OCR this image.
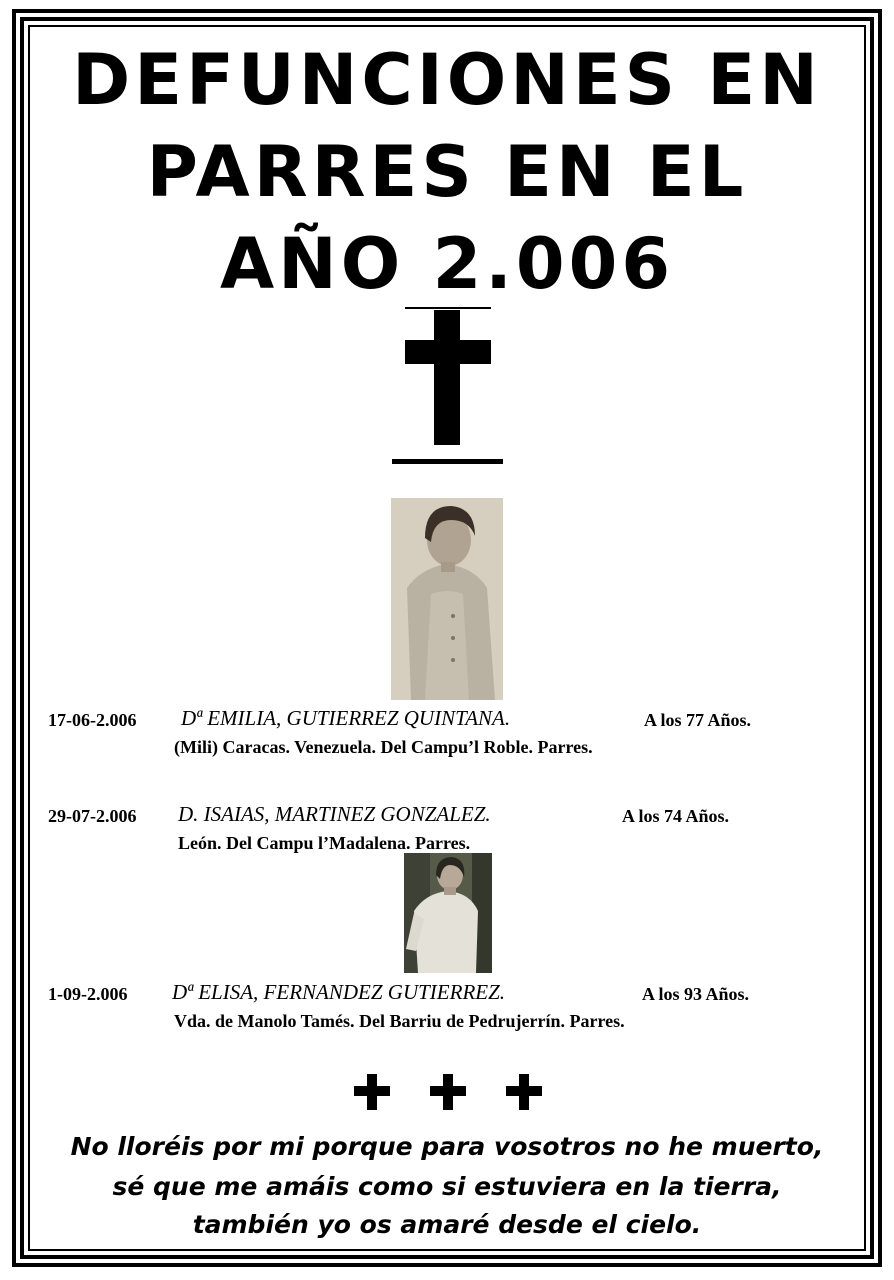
DEFUNCIONES EN
PARRES EN EL
AÑO 2.006
17-06-2.006 Dª EMILIA, GUTIERREZ QUINTANA.	A los 77 Años.
(Mili) Caracas. Venezuela. Del Campu’l Roble. Parres.
29-07-2.006 D. ISAIAS, MARTINEZ GONZALEZ.	A los 74 Años.
León. Del Campu l’Madalena. Parres.
1-09-2.006 Dª ELISA, FERNANDEZ GUTIERREZ.	A los 93 Años.
Vda. de Manolo Tamés. Del Barriu de Pedrujerrín. Parres.
No lloréis por mi porque para vosotros no he muerto,
sé que me amáis como si estuviera en la tierra,
también yo os amaré desde el cielo.
